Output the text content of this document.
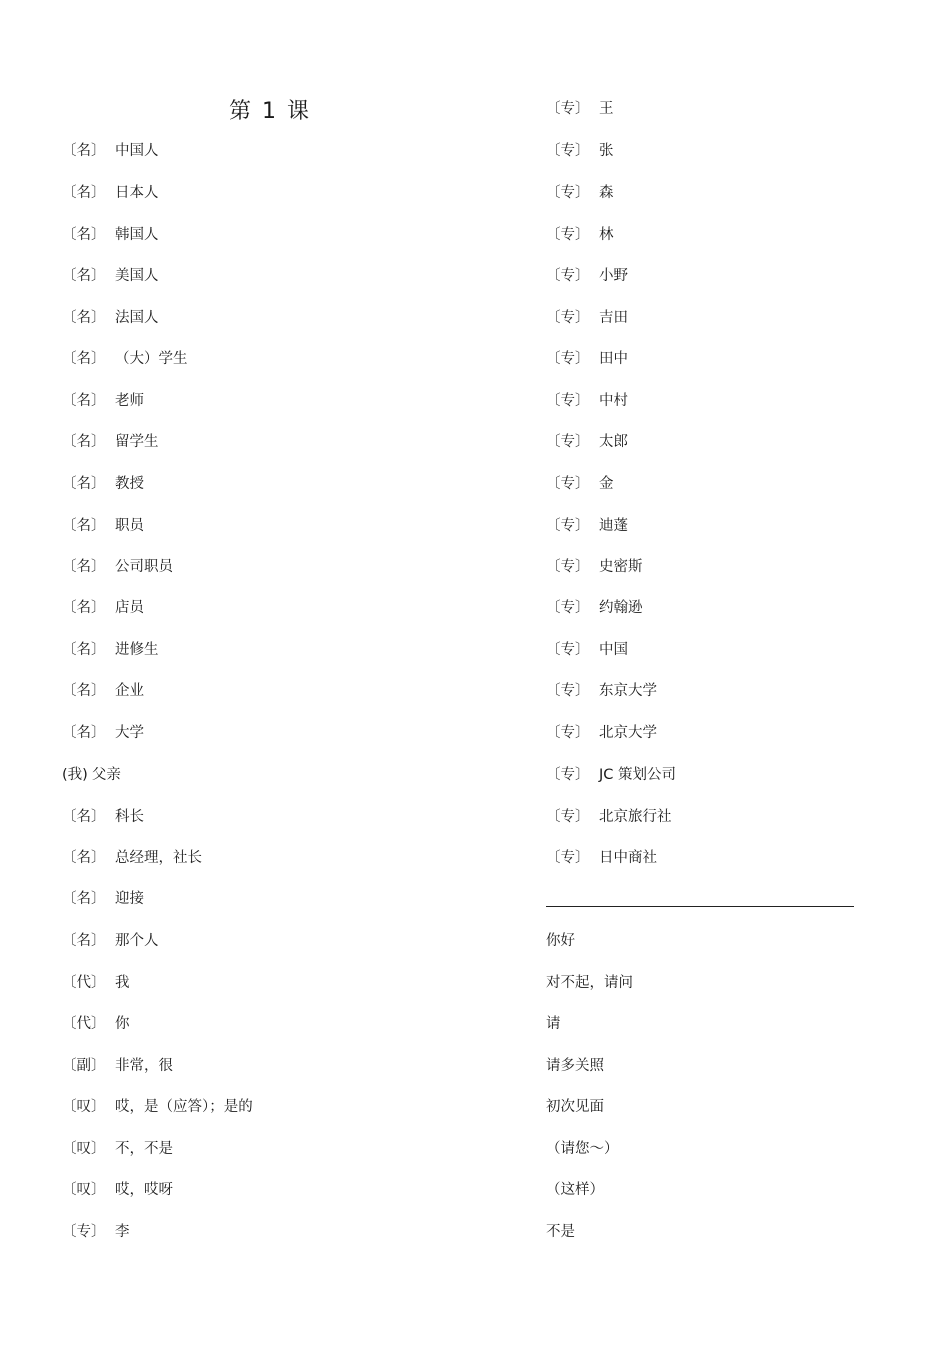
第 1 课
〔名〕 中国人
〔名〕 日本人
〔名〕 韩国人
〔名〕 美国人
〔名〕 法国人
〔名〕 （大）学生
〔名〕 老师
〔名〕 留学生
〔名〕 教授
〔名〕 职员
〔名〕 公司职员
〔名〕 店员
〔名〕 进修生
〔名〕 企业
〔名〕 大学
(我) 父亲
〔名〕 科长
〔名〕 总经理，社长
〔名〕 迎接
〔名〕 那个人
〔代〕 我
〔代〕 你
〔副〕 非常，很
〔叹〕 哎，是（应答）；是的
〔叹〕 不，不是
〔叹〕 哎，哎呀
〔专〕 李
〔专〕 王
〔专〕 张
〔专〕 森
〔专〕 林
〔专〕 小野
〔专〕 吉田
〔专〕 田中
〔专〕 中村
〔专〕 太郎
〔专〕 金
〔专〕 迪蓬
〔专〕 史密斯
〔专〕 约翰逊
〔专〕 中国
〔专〕 东京大学
〔专〕 北京大学
〔专〕 JC 策划公司
〔专〕 北京旅行社
〔专〕 日中商社
你好
对不起，请问
请
请多关照
初次见面
（请您～）
（这样）
不是
